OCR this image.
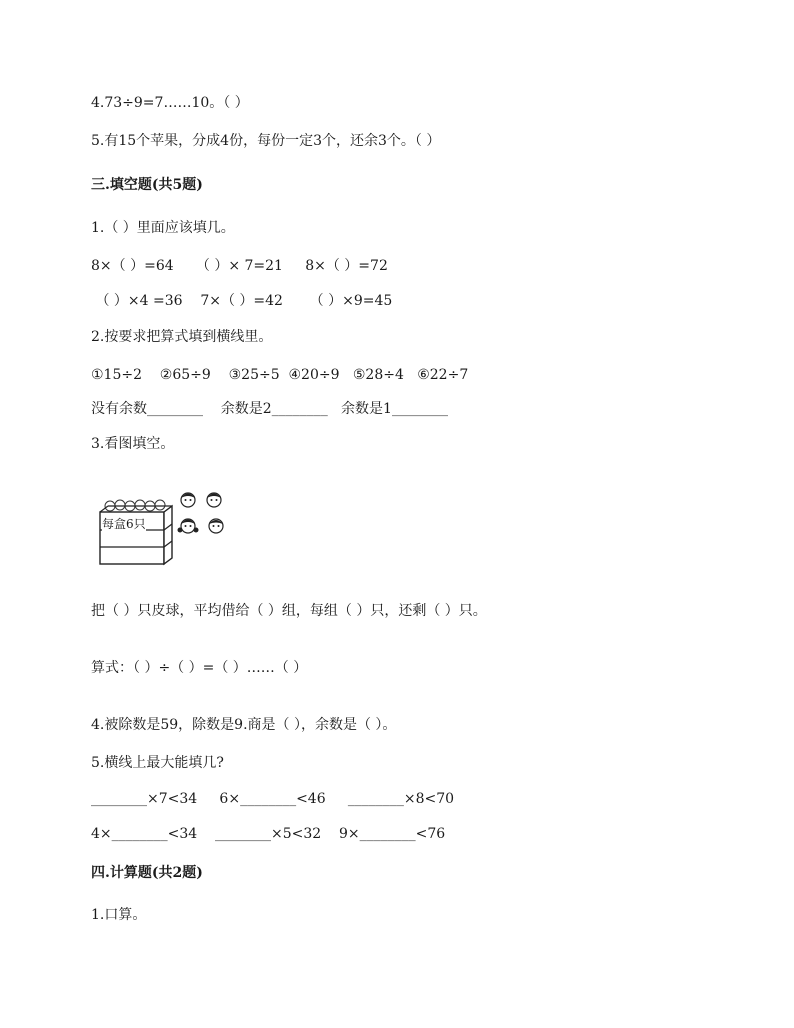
4.73÷9=7……10。（ ）
5.有15个苹果，分成4份，每份一定3个，还余3个。（ ）
三.填空题(共5题)
1.（ ）里面应该填几。
8×（ ）=64     （ ）× 7=21     8×（ ）=72
（ ）×4 =36    7×（ ）=42      （ ）×9=45
2.按要求把算式填到横线里。
①15÷2    ②65÷9    ③25÷5  ④20÷9   ⑤28÷4   ⑥22÷7
没有余数________    余数是2________   余数是1________
3.看图填空。
每盒6只
把（ ）只皮球，平均借给（ ）组，每组（ ）只，还剩（ ）只。
算式：（ ）÷（ ）=（ ）……（ ）
4.被除数是59，除数是9.商是（ ），余数是（ ）。
5.横线上最大能填几?
________×7<34     6×________<46     ________×8<70
4×________<34    ________×5<32    9×________<76
四.计算题(共2题)
1.口算。
